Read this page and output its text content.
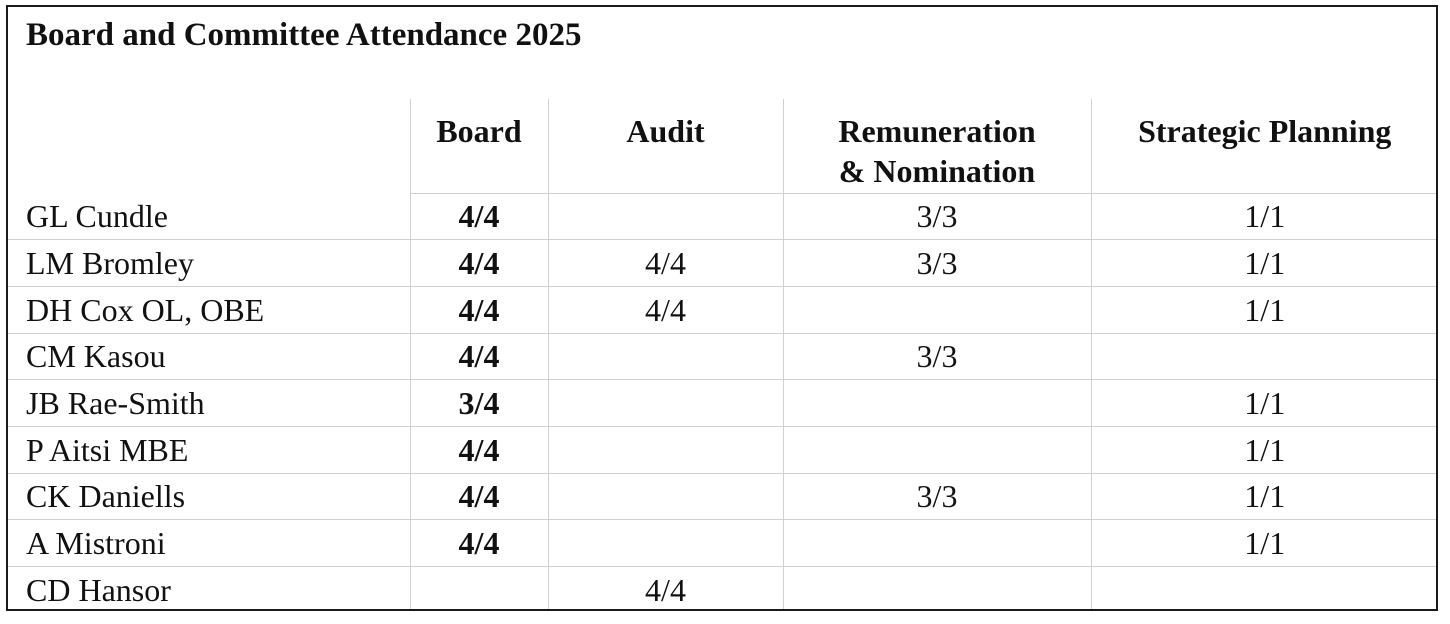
Board and Committee Attendance 2025
	Board	Audit	Remuneration
& Nomination	Strategic Planning
GL Cundle	4/4		3/3	1/1
LM Bromley	4/4	4/4	3/3	1/1
DH Cox OL, OBE	4/4	4/4		1/1
CM Kasou	4/4		3/3	
JB Rae-Smith	3/4			1/1
P Aitsi MBE	4/4			1/1
CK Daniells	4/4		3/3	1/1
A Mistroni	4/4			1/1
CD Hansor		4/4		
